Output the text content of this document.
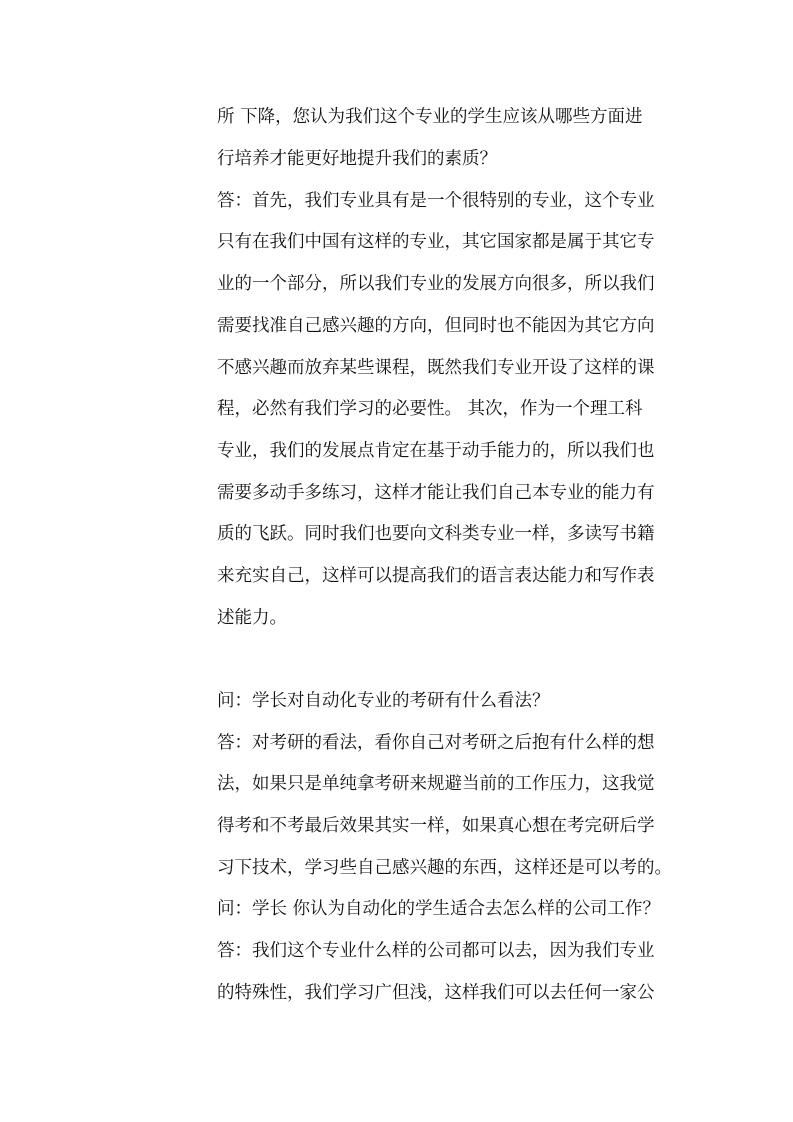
所 下降，您认为我们这个专业的学生应该从哪些方面进
行培养才能更好地提升我们的素质？
答：首先，我们专业具有是一个很特别的专业，这个专业
只有在我们中国有这样的专业，其它国家都是属于其它专
业的一个部分，所以我们专业的发展方向很多，所以我们
需要找准自己感兴趣的方向，但同时也不能因为其它方向
不感兴趣而放弃某些课程，既然我们专业开设了这样的课
程，必然有我们学习的必要性。 其次，作为一个理工科
专业，我们的发展点肯定在基于动手能力的，所以我们也
需要多动手多练习，这样才能让我们自己本专业的能力有
质的飞跃。同时我们也要向文科类专业一样，多读写书籍
来充实自己，这样可以提高我们的语言表达能力和写作表
述能力。
问：学长对自动化专业的考研有什么看法？
答：对考研的看法，看你自己对考研之后抱有什么样的想
法，如果只是单纯拿考研来规避当前的工作压力，这我觉
得考和不考最后效果其实一样，如果真心想在考完研后学
习下技术，学习些自己感兴趣的东西，这样还是可以考的。
问：学长 你认为自动化的学生适合去怎么样的公司工作？
答：我们这个专业什么样的公司都可以去，因为我们专业
的特殊性，我们学习广但浅，这样我们可以去任何一家公
